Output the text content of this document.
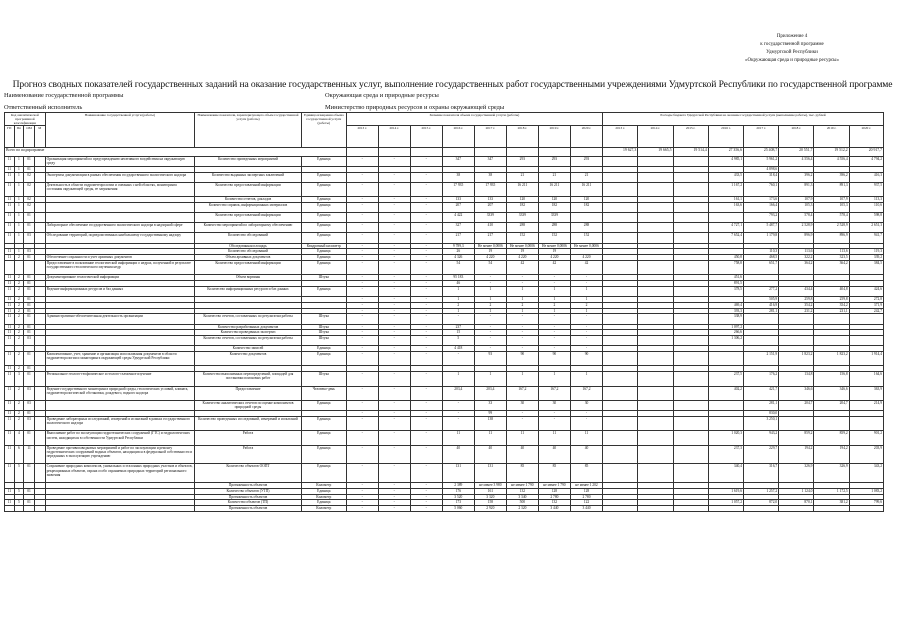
Приложение 4
к государственной программе
Удмуртской Республики
«Окружающая среда и природные ресурсы»
Прогноз сводных показателей государственных заданий на оказание государственных услуг, выполнение государственных работ государственными учреждениями Удмуртской Республики по государственной программе
Наименование государственной программы	Окружающая среда и природные ресурсы
Ответственный исполнитель	Министерство природных ресурсов и охраны окружающей среды
Код аналитической программной классификации				Наименование государственной услуги (работы)	Наименование показателя, характеризующего объем государственной услуги (работы)	Единица измерения объема государственной услуги (работы)	Значение показателя объема государственной услуги (работы)								Расходы бюджета Удмуртской Республики на оказание государственной услуги (выполнение работы), тыс. рублей							
ГП	Пп	ОМ	М				2013 г.	2014 г.	2015 г.	2016 г.	2017 г.	2018 г.	2019 г.	2020 г.	2013 г.	2014 г.	2015 г.	2016 г.	2017 г.	2018 г.	2019 г.	2020 г.
Всего по подпрограмме															19 627,3	19 665,5	19 514,4	27 356,6	25 408,7	20 551,7	19 512,2	20 917,7
11	1	01		Организация мероприятий по предупреждению негативного воздействия на окружающую среду	Количество проведенных мероприятий	Единица	-	-	-	347	347	293	293	293				4 985,1	5 961,2	4 556,4	4 556,4	4 794,2
11	1	01																	4 898,6			
11	1	02		Экспертиза документации в рамках обеспечения государственного экологического надзора	Количество выданных экспертных заключений	Единица	-	-	-	38	38	21	21	21				433,5	318,4	396,2	396,2	416,3
11	1	02		Деятельность в области гидрометеорологии и смежных с ней областях, мониторинга состояния окружающей среды, ее загрязнения	Количество предоставленной информации	Единица	-	-	-	17 935	17 935	16 211	16 211	16 211				1 167,2	760,1	891,3	891,3	937,5
11	1	02			Количество отчетов, докладов	Единица	-	-	-	133	133	120	120	120				161,1	173,6	107,9	107,9	113,3
11	1	02			Количество справок, информационных материалов	Единица	-	-	-	207	207	182	182	182				163,6	166,4	105,3	105,3	110,6
11	1	01			Количество предоставленной информации	Единица	-	-	-	4 422	3339	3339	3339						793,2	578,4	578,4	598,8
11	1	01		Лабораторное обеспечение государственного экологического надзора в надзорной сфере	Количество мероприятий по лабораторному обеспечению	Единица	-	-	-	327	410	288	288	288				4 727,1	5 487,7	2 528,9	2 528,9	2 651,3
11	1	03		Обследование территорий, подведомственных наибольшему государственному надзору	Количество обследований	Единица	-	-	-	217	217	152	152	152				7 652,4	1 179,8	896,9	896,9	941,7
					Обследованная площадь	Квадратный километр	-	-	-	9 789,3	Не менее 0,0006	Не менее 0,0006	Не менее 0,0006	Не менее 0,0006								
11	1	03			Количество обследований	Единица	-	-	-	26	19	19	19						110,3	113,6	113,6	119,3
11	2	01		Обеспечение сохранности и учет архивных документов	Объем архивных документов	Единица	-	-	-	4 326	4 220	4 220	4 220	4 220				450,8	468,5	322,2	323,5	339,2
				Предоставление в пользование геологической информации о недрах, полученной в результате государственного геологического изучения недр	Количество предоставленной информации	Единица	-	-	-	54	54	42	42	42				758,8	651,7	364,2	364,2	384,5
11	2	01		Документирование геологической информации	Объем ворвины	Штука	-	-	-	95 183	-	-	-	-				451,6				
11	2	01					-	-	-	46	-	-	-	-				891,5				
11	2	01		Ведение информационных ресурсов и баз данных	Количество информационных ресурсов и баз данных	Единица	-	-	-	1	1	1	1	1				378,5	277,2	434,4	404,8	424,6
11	2	01					-	-	-	1	1	1	1	1					505,9	259,8	259,8	272,8
11	2	01					-	-	-	2	2	2	2	2				469,4	416,9	354,2	354,2	371,9
11	2	01					-	-	-	1	1	1	1	1				393,3	281,1	231,2	231,1	242,7
11	2	01		Административно-обеспечительная деятельность организации	Количество отчетов, составленных по результатам работы	Штука	-	-	-	-	-	-	-	-				338,9				
11	2	01			Количество разработанных документов	Штука	-	-	-	237	-	-	-	-				1 097,2				
11	2	01			Количество проведенных экспертиз	Штука	-	-	-	15	-	-	-	-				266,6				
11	2	03			Количество отчетов, составленных по результатам работы	Штука	-	-	-	5	-	-	-	-				1 306,2				
					Количество записей	Единица	-	-	-	4 418	-	-	-	-								
11	2	01		Комплектование, учет, хранение и организация использования документов в области гидрометеорологии и мониторинга окружающей среды Удмуртской Республики	Количество документов	Единица	-	-	-	-	93	90	90	90					2 151,9	1 823,2	1 823,2	1 914,4
11	2	01																				
11	3	01		Региональное геолого-геофизическое и геолого-съемочное изучение	Количество выполненных переопределений, площадей для постановки поисковых работ	Штука	-	-	-	1	1	1	1	1				237,5	176,2	134,8	156,8	164,6
11	2	03		Ведение государственного мониторинга природной среды, геологических условий, климата, гидрометеорологической обстановки, дождевого, водного надзора	Предоставление	Человеко-день	-	-	-	203,4	203,4	167,2	167,2	167,2				402,2	421,7	346,6	346,6	363,9
11	2	03			Количество аналитических отчетов по оценке компонентов природной среды	Единица	-	-	-	-	33	30	30	30					281,1	204,7	204,7	214,9
11	2	01					-	-	-	-	99	-	-	-					830,0			
11	2	03		Проведение лабораторных исследований, измерений и испытаний в рамках государственного экологического надзора	Количество проведенных исследований, измерений и испытаний	Единица	-	-	-	-	138	-	-	-					3 250,1			
11	4	01		Выполнение работ по эксплуатации гидротехнических сооружений (ГТС) и гидрологических систем, находящихся в собственности Удмуртской Республики	Работа	Единица	-	-	-	11	11	11	11	11				1 020,3	943,2	859,2	859,2	901,2
11	6	11		Проведение противопаводковых мероприятий и работ по эксплуатации и ремонту гидротехнических сооружений водных объектов, находящихся в федеральной собственности и переданных в эксплуатацию учреждению	Работа	Единица	-	-	-	40	40	40	40	40				237,3	229,7	194,2	194,2	203,9
11	5	01		Сохранение природных комплексов, уникальных и эталонных природных участков и объектов, рекреационных объектов, охрана особо охраняемых природных территорий регионального значения	Количество объектов ООПТ	Единица	-	-	-	131	131	85	85	85				340,4	316,7	326,9	326,9	343,2
					Протяженность объектов	Километр	-	-	-	2 389	не менее 3 980	не менее 1 790	не менее 1 790	не менее 1 202								
11	5	01			Количество объектов (УТП)	Единица	-	-	-	176	161	132	128	128				1 619,6	1 257,2	1 124,0	1 172,5	1 083,2
					Протяженность объектов	Километр	-	-	-	3 520	3 320	3 340	2 780	2 780								
11	5	01			Количество объектов (ТП)	Единица	-	-	-	173	158	500	132	122				1 057,2	872,0	870,1	381,2	799,6
					Протяженность объектов	Километр	-	-	-	5 060	2 920	2 320	3 440	3 440								
